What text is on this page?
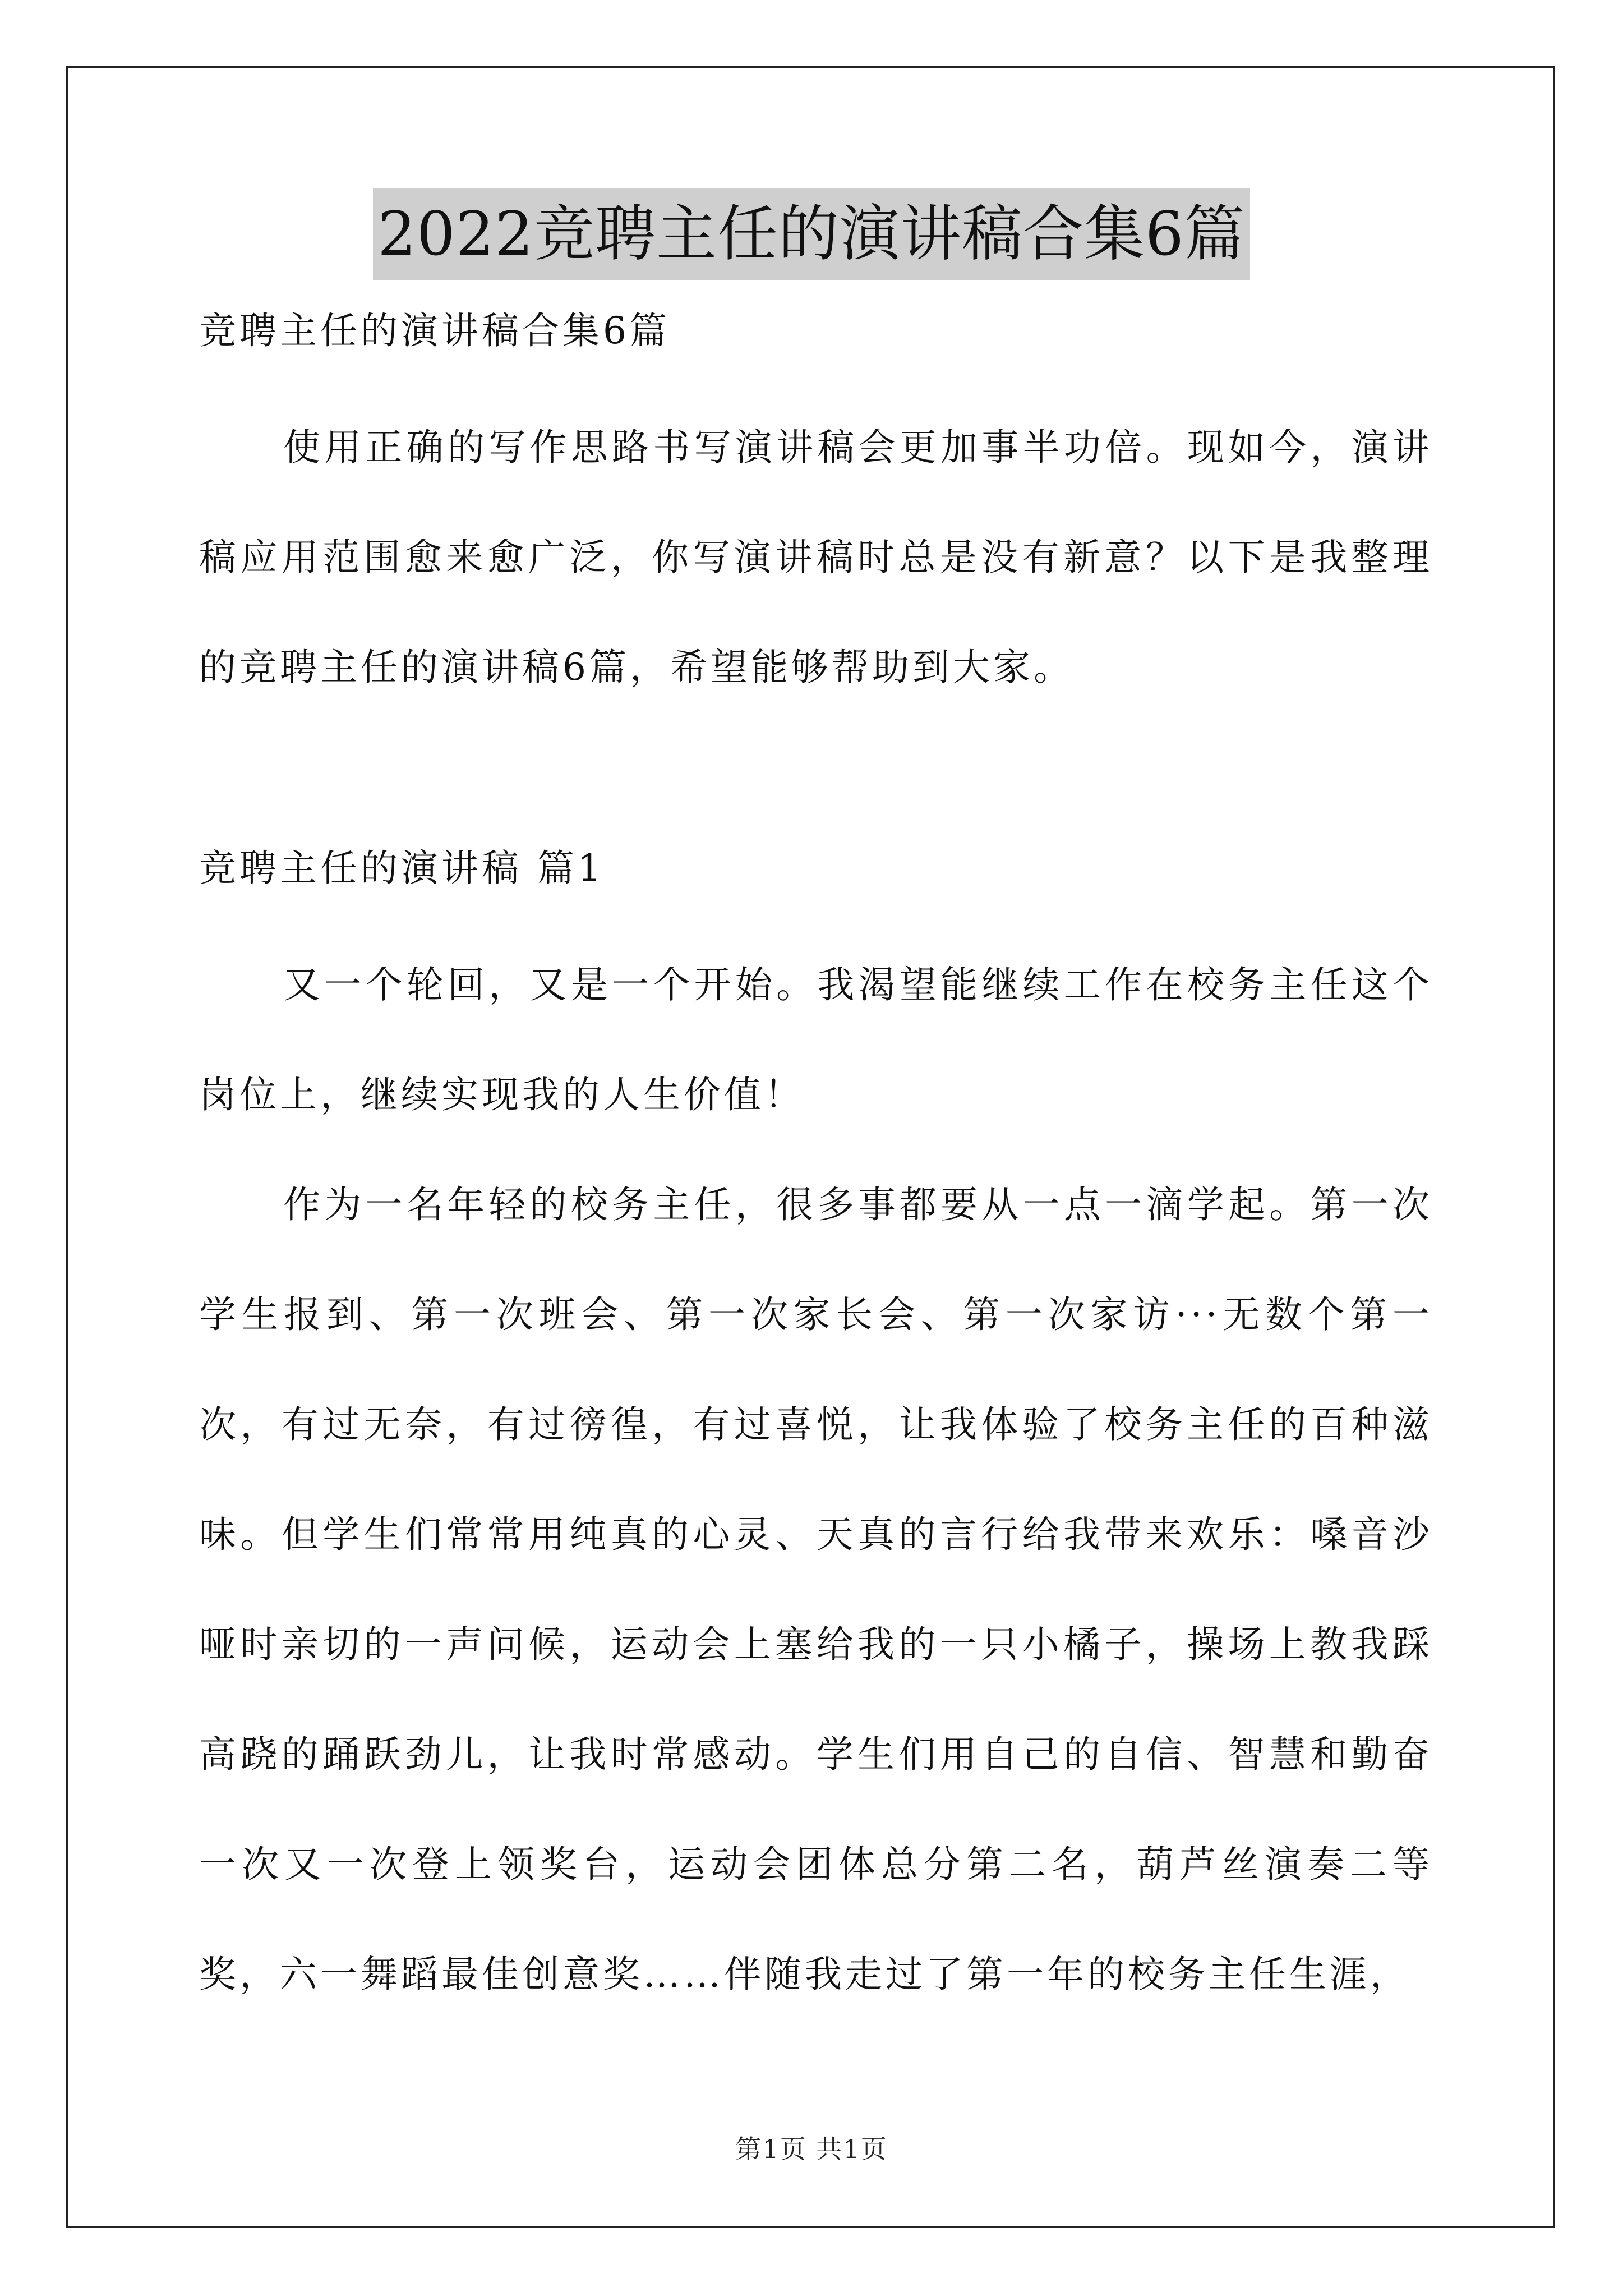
2022竞聘主任的演讲稿合集6篇

竞聘主任的演讲稿合集6篇

使用正确的写作思路书写演讲稿会更加事半功倍。现如今，演讲稿应用范围愈来愈广泛，你写演讲稿时总是没有新意？以下是我整理的竞聘主任的演讲稿6篇，希望能够帮助到大家。

竞聘主任的演讲稿 篇1

又一个轮回，又是一个开始。我渴望能继续工作在校务主任这个岗位上，继续实现我的人生价值！

作为一名年轻的校务主任，很多事都要从一点一滴学起。第一次学生报到、第一次班会、第一次家长会、第一次家访···无数个第一次，有过无奈，有过徬徨，有过喜悦，让我体验了校务主任的百种滋味。但学生们常常用纯真的心灵、天真的言行给我带来欢乐：嗓音沙哑时亲切的一声问候，运动会上塞给我的一只小橘子，操场上教我踩高跷的踊跃劲儿，让我时常感动。学生们用自己的自信、智慧和勤奋一次又一次登上领奖台，运动会团体总分第二名，葫芦丝演奏二等奖，六一舞蹈最佳创意奖……伴随我走过了第一年的校务主任生涯，

第1页 共1页
